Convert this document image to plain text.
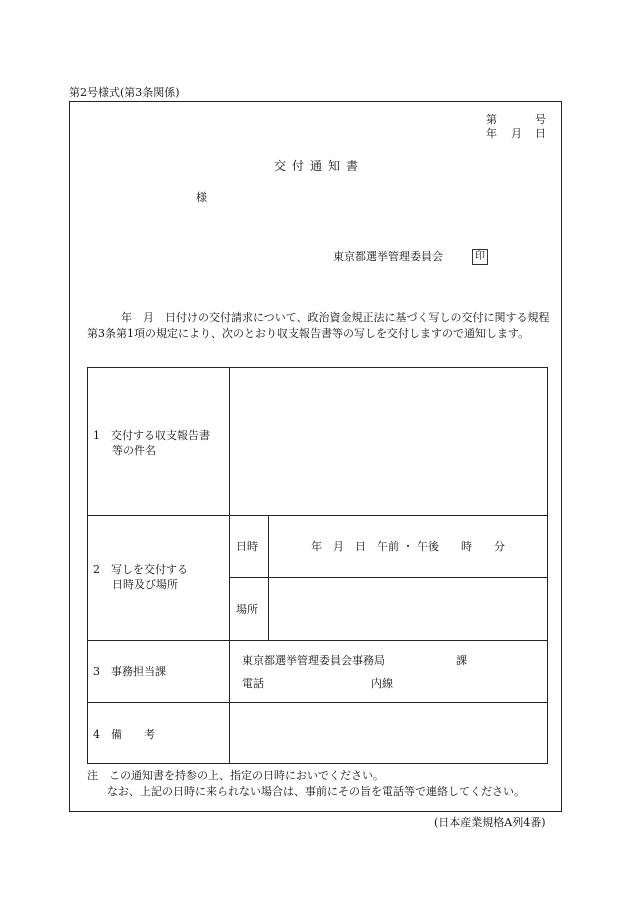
第2号様式(第3条関係)
第	号
年 月 日
交付通知書
様
東京都選挙管理委員会	印
年　月　日付けの交付請求について、政治資金規正法に基づく写しの交付に関する規程第3条第1項の規定により、次のとおり収支報告書等の写しを交付しますので通知します。
1　交付する収支報告書
等の件名
2　写しを交付する
日時及び場所
日時	年　月　日　午前 ・ 午後　　時　　分
場所
3　事務担当課
東京都選挙管理委員会事務局	課
電話	内線
4　備　　考
注　この通知書を持参の上、指定の日時においでください。
なお、上記の日時に来られない場合は、事前にその旨を電話等で連絡してください。
(日本産業規格A列4番)
